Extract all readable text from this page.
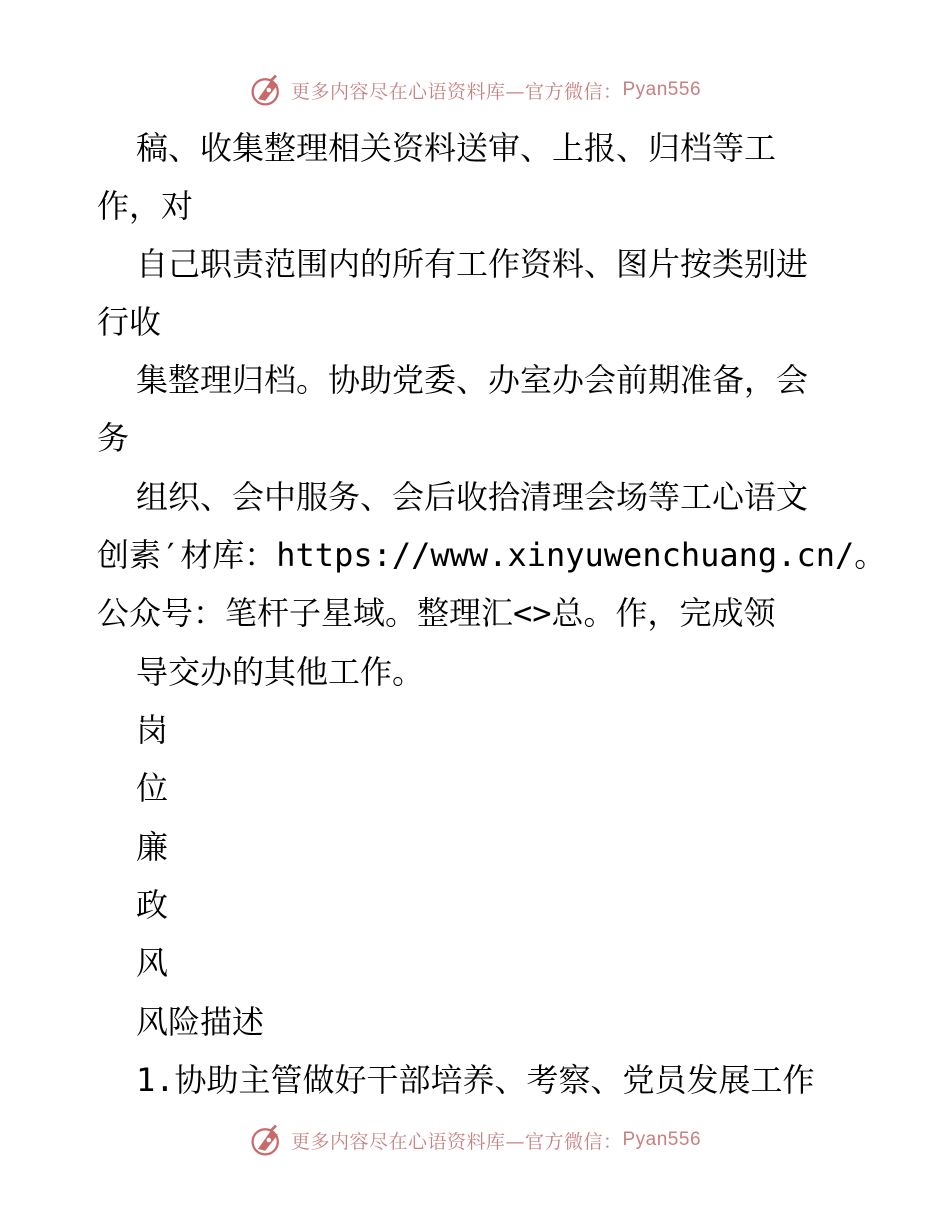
更多内容尽在心语资料库—官方微信： Pyan556
稿、收集整理相关资料送审、上报、归档等工
作，对
自己职责范围内的所有工作资料、图片按类别进
行收
集整理归档。协助党委、办室办会前期准备，会
务
组织、会中服务、会后收拾清理会场等工心语文
创素′材库：https://www.xinyuwenchuang.cn/。
公众号：笔杆子星域。整理汇<>总。作，完成领
导交办的其他工作。
岗
位
廉
政
风
风险描述
1.协助主管做好干部培养、考察、党员发展工作
更多内容尽在心语资料库—官方微信： Pyan556
